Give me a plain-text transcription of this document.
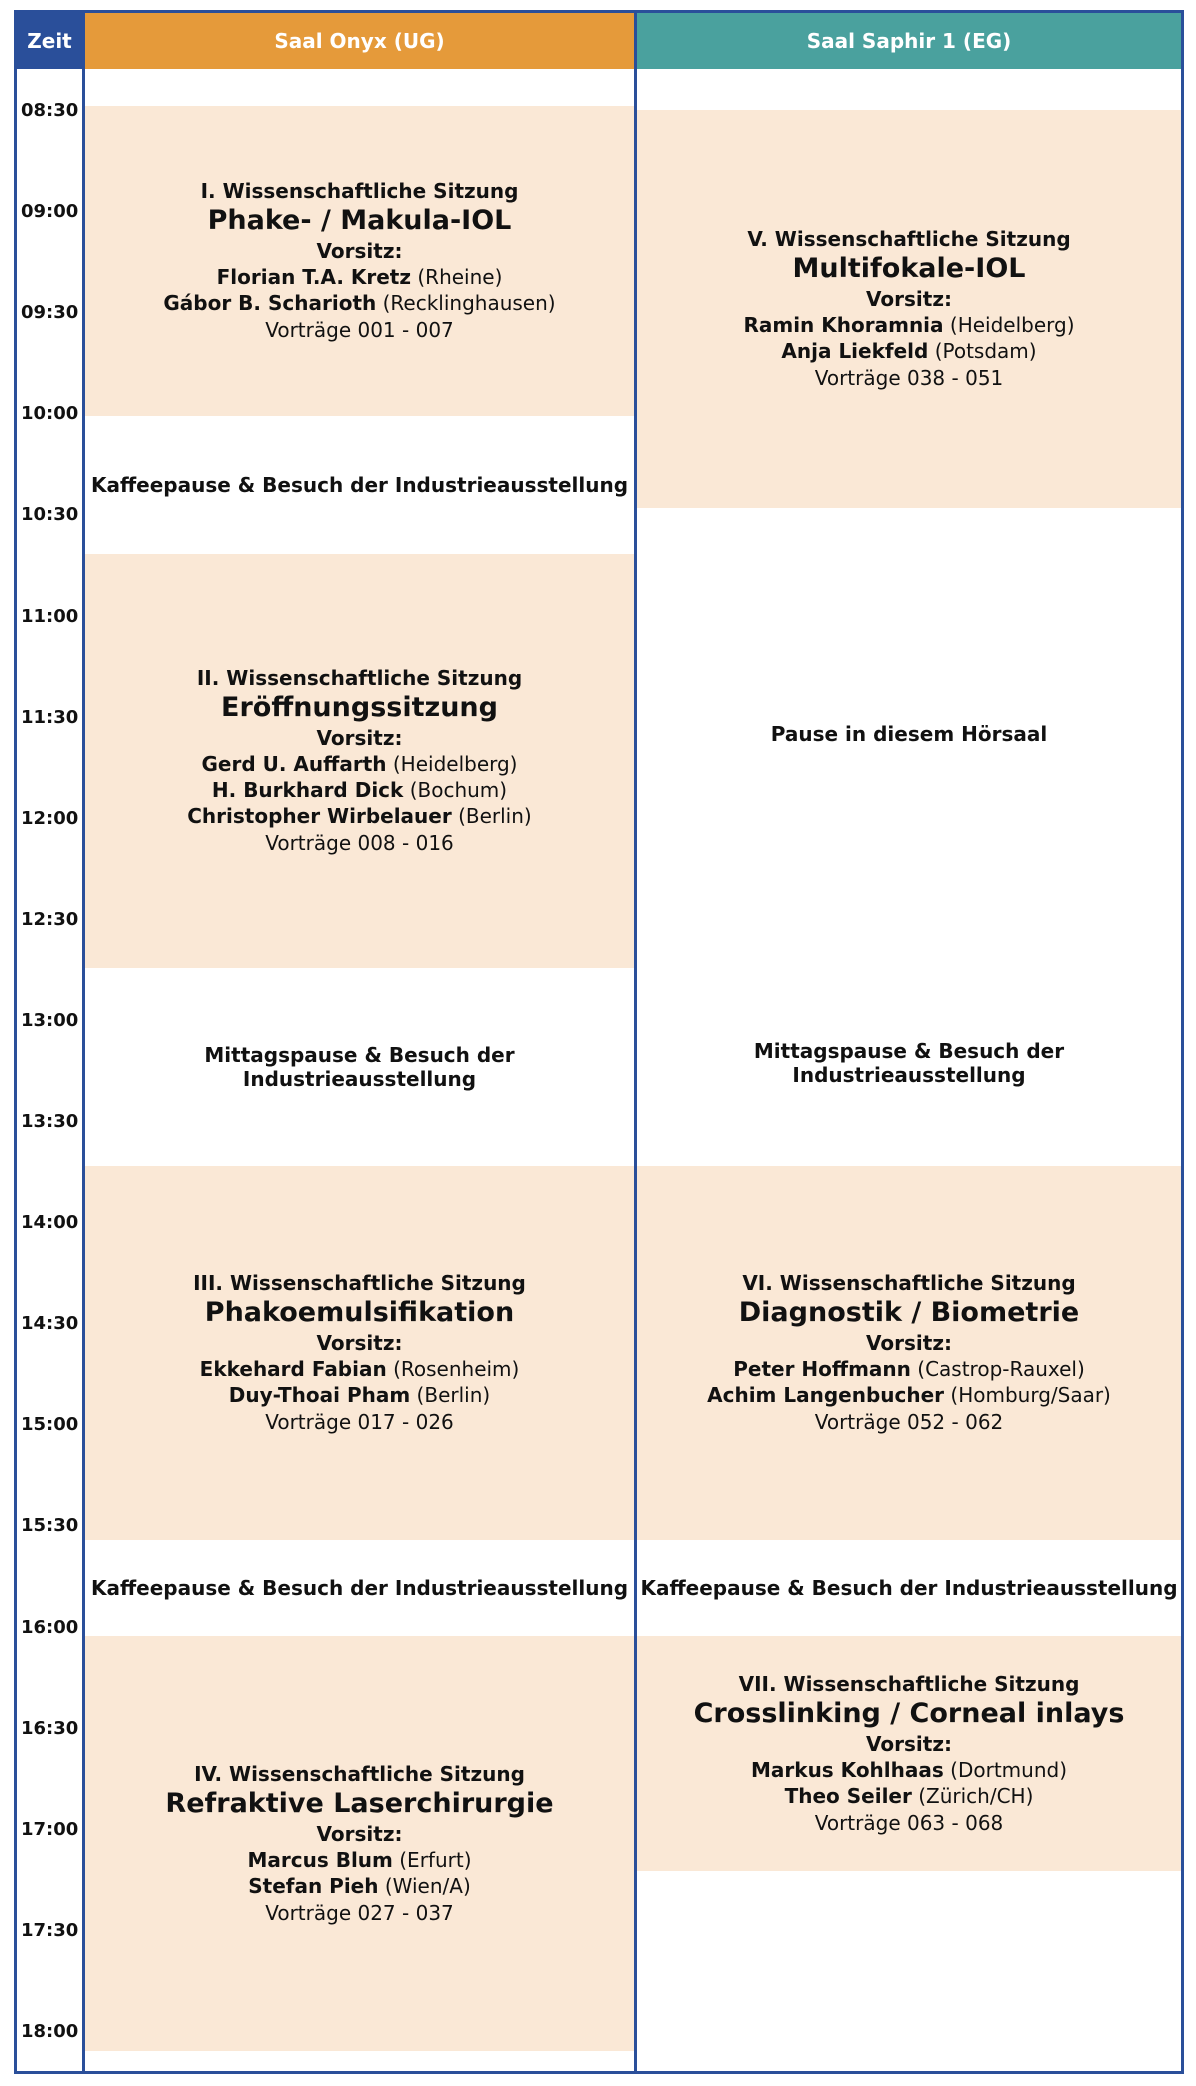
Zeit	Saal Onyx (UG)	Saal Saphir 1 (EG)
08:30
09:00
09:30
10:00
10:30
11:00
11:30
12:00
12:30
13:00
13:30
14:00
14:30
15:00
15:30
16:00
16:30
17:00
17:30
18:00
I. Wissenschaftliche Sitzung
Phake- / Makula-IOL
Vorsitz:
Florian T.A. Kretz (Rheine)
Gábor B. Scharioth (Recklinghausen)
Vorträge 001 - 007
Kaffeepause & Besuch der Industrieausstellung
II. Wissenschaftliche Sitzung
Eröffnungssitzung
Vorsitz:
Gerd U. Auffarth (Heidelberg)
H. Burkhard Dick (Bochum)
Christopher Wirbelauer (Berlin)
Vorträge 008 - 016
Mittagspause & Besuch der Industrieausstellung
III. Wissenschaftliche Sitzung
Phakoemulsifikation
Vorsitz:
Ekkehard Fabian (Rosenheim)
Duy-Thoai Pham (Berlin)
Vorträge 017 - 026
Kaffeepause & Besuch der Industrieausstellung
IV. Wissenschaftliche Sitzung
Refraktive Laserchirurgie
Vorsitz:
Marcus Blum (Erfurt)
Stefan Pieh (Wien/A)
Vorträge 027 - 037
V. Wissenschaftliche Sitzung
Multifokale-IOL
Vorsitz:
Ramin Khoramnia (Heidelberg)
Anja Liekfeld (Potsdam)
Vorträge 038 - 051
Pause in diesem Hörsaal
Mittagspause & Besuch der Industrieausstellung
VI. Wissenschaftliche Sitzung
Diagnostik / Biometrie
Vorsitz:
Peter Hoffmann (Castrop-Rauxel)
Achim Langenbucher (Homburg/Saar)
Vorträge 052 - 062
Kaffeepause & Besuch der Industrieausstellung
VII. Wissenschaftliche Sitzung
Crosslinking / Corneal inlays
Vorsitz:
Markus Kohlhaas (Dortmund)
Theo Seiler (Zürich/CH)
Vorträge 063 - 068
